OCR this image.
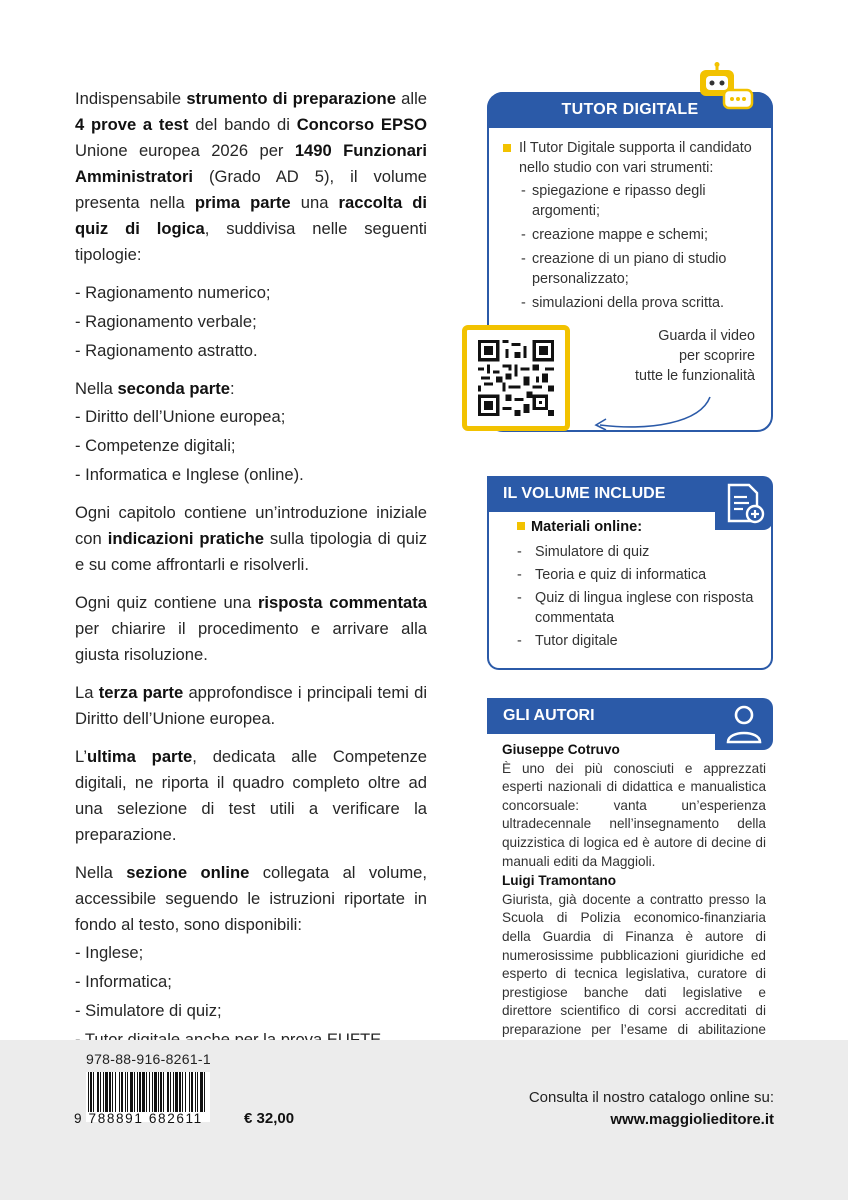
Indispensabile strumento di preparazione alle 4 prove a test del bando di Concorso EPSO Unione europea 2026 per 1490 Funzionari Amministratori (Grado AD 5), il volume presenta nella prima parte una raccolta di quiz di logica, suddivisa nelle seguenti tipologie:

- Ragionamento numerico;
- Ragionamento verbale;
- Ragionamento astratto.

Nella seconda parte:

- Diritto dell’Unione europea;
- Competenze digitali;
- Informatica e Inglese (online).

Ogni capitolo contiene un’introduzione iniziale con indicazioni pratiche sulla tipologia di quiz e su come affrontarli e risolverli.

Ogni quiz contiene una risposta commentata per chiarire il procedimento e arrivare alla giusta risoluzione.

La terza parte approfondisce i principali temi di Diritto dell’Unione europea.

L’ultima parte, dedicata alle Competenze digitali, ne riporta il quadro completo oltre ad una selezione di test utili a verificare la preparazione.

Nella sezione online collegata al volume, accessibile seguendo le istruzioni riportate in fondo al testo, sono disponibili:

- Inglese;
- Informatica;
- Simulatore di quiz;
TUTOR DIGITALE
Il Tutor Digitale supporta il candidato nello studio con vari strumenti:
- spiegazione e ripasso degli argomenti;
- creazione mappe e schemi;
- creazione di un piano di studio personalizzato;
- simulazioni della prova scritta.
Guarda il video
per scoprire
tutte le funzionalità
IL VOLUME INCLUDE
Materiali online:
- Simulatore di quiz
- Teoria e quiz di informatica
- Quiz di lingua inglese con risposta commentata
- Tutor digitale
GLI AUTORI
Giuseppe Cotruvo

È uno dei più conosciuti e apprezzati esperti nazionali di didattica e manualistica concorsuale: vanta un’esperienza ultradecennale nell’insegnamento della quizzistica di logica ed è autore di decine di manuali editi da Maggioli.

Luigi Tramontano

Giurista, già docente a contratto presso la Scuola di Polizia economico-finanziaria della Guardia di Finanza è autore di numerosissime pubblicazioni giuridiche ed esperto di tecnica legislativa, curatore di prestigiose banche dati legislative e direttore scientifico di corsi accreditati di preparazione per l’esame di abilitazione

978-88-916-8261-1
9 788891 682611	€ 32,00
Consulta il nostro catalogo online su:
www.maggiolieditore.it
